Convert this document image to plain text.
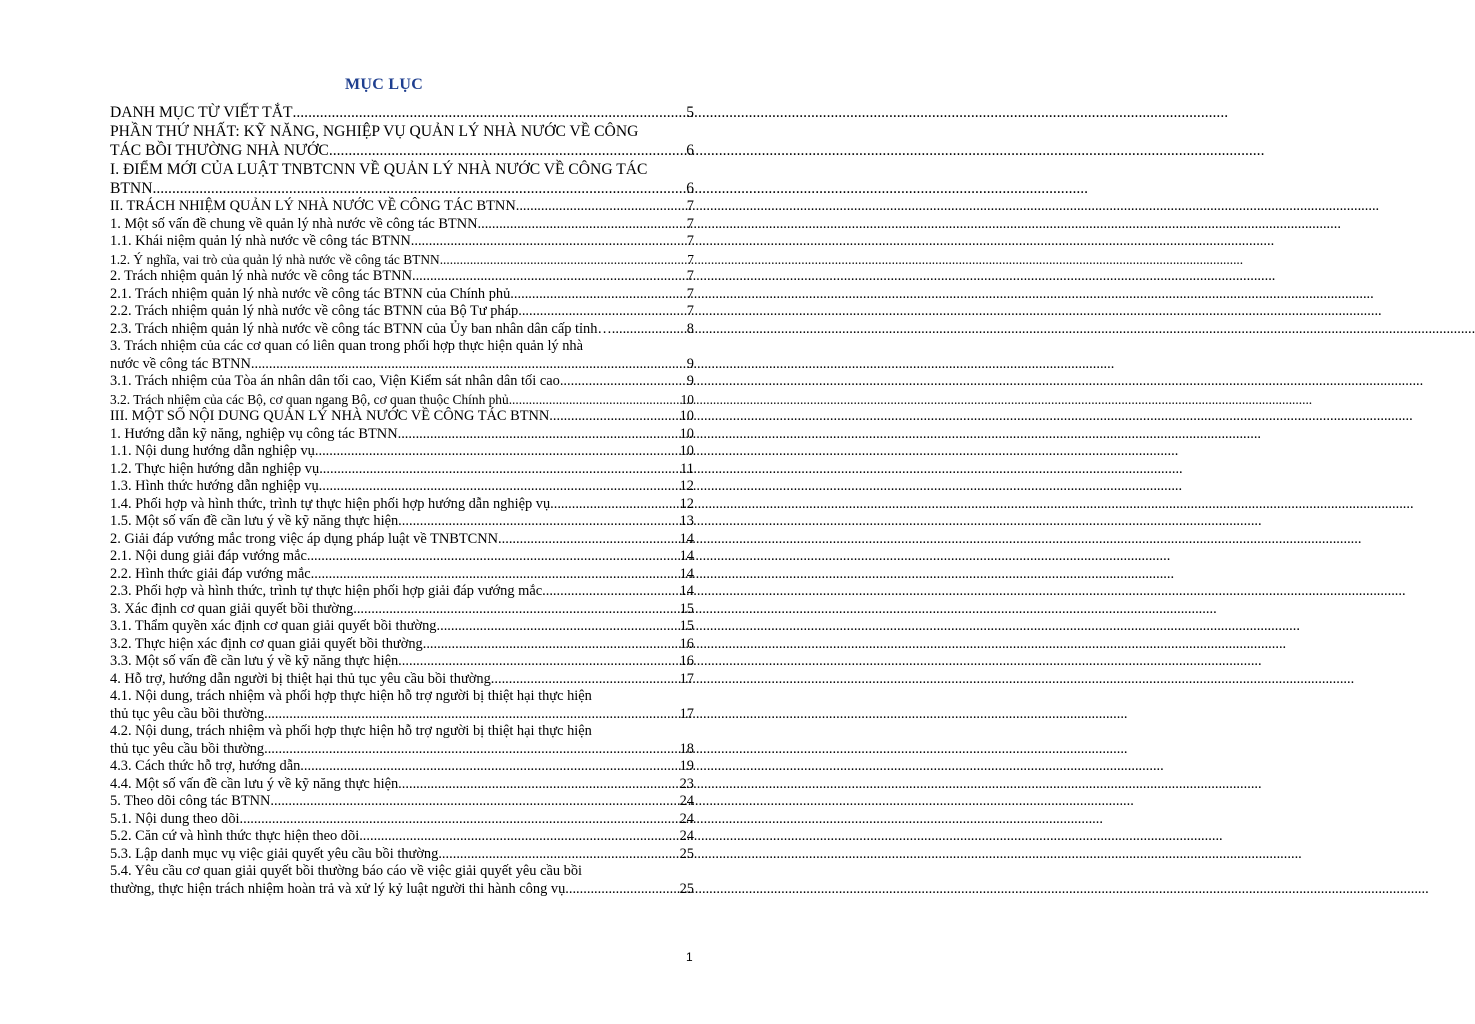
MỤC LỤC
DANH MỤC TỪ VIẾT TẮT .....	5
PHẦN THỨ NHẤT: KỸ NĂNG, NGHIỆP VỤ QUẢN LÝ NHÀ NƯỚC VỀ CÔNG
TÁC BỒI THƯỜNG NHÀ NƯỚC .....	6
I. ĐIỂM MỚI CỦA LUẬT TNBTCNN VỀ QUẢN LÝ NHÀ NƯỚC VỀ CÔNG TÁC
BTNN .....	6
II. TRÁCH NHIỆM QUẢN LÝ NHÀ NƯỚC VỀ CÔNG TÁC BTNN .....	7
1. Một số vấn đề chung về quản lý nhà nước về công tác BTNN .....	7
1.1. Khái niệm quản lý nhà nước về công tác BTNN .....	7
1.2. Ý nghĩa, vai trò của quản lý nhà nước về công tác BTNN .....	7
2. Trách nhiệm quản lý nhà nước về công tác BTNN .....	7
2.1. Trách nhiệm quản lý nhà nước về công tác BTNN của Chính phủ .....	7
2.2. Trách nhiệm quản lý nhà nước về công tác BTNN của Bộ Tư pháp .....	7
2.3. Trách nhiệm quản lý nhà nước về công tác BTNN của Ủy ban nhân dân cấp tỉnh… .....	8
3. Trách nhiệm của các cơ quan có liên quan trong phối hợp thực hiện quản lý nhà
nước về công tác BTNN .....	9
3.1. Trách nhiệm của Tòa án nhân dân tối cao, Viện Kiểm sát nhân dân tối cao .....	9
3.2. Trách nhiệm của các Bộ, cơ quan ngang Bộ, cơ quan thuộc Chính phủ .....	10
III. MỘT SỐ NỘI DUNG QUẢN LÝ NHÀ NƯỚC VỀ CÔNG TÁC BTNN .....	10
1. Hướng dẫn kỹ năng, nghiệp vụ công tác BTNN .....	10
1.1. Nội dung hướng dẫn nghiệp vụ .....	10
1.2. Thực hiện hướng dẫn nghiệp vụ .....	11
1.3. Hình thức hướng dẫn nghiệp vụ .....	12
1.4. Phối hợp và hình thức, trình tự thực hiện phối hợp hướng dẫn nghiệp vụ .....	12
1.5. Một số vấn đề cần lưu ý về kỹ năng thực hiện .....	13
2. Giải đáp vướng mắc trong việc áp dụng pháp luật về TNBTCNN .....	14
2.1. Nội dung giải đáp vướng mắc .....	14
2.2. Hình thức giải đáp vướng mắc .....	14
2.3. Phối hợp và hình thức, trình tự thực hiện phối hợp giải đáp vướng mắc .....	14
3. Xác định cơ quan giải quyết bồi thường .....	15
3.1. Thẩm quyền xác định cơ quan giải quyết bồi thường .....	15
3.2. Thực hiện xác định cơ quan giải quyết bồi thường .....	16
3.3. Một số vấn đề cần lưu ý về kỹ năng thực hiện .....	16
4. Hỗ trợ, hướng dẫn người bị thiệt hại thủ tục yêu cầu bồi thường .....	17
4.1. Nội dung, trách nhiệm và phối hợp thực hiện hỗ trợ người bị thiệt hại thực hiện
thủ tục yêu cầu bồi thường .....	17
4.2. Nội dung, trách nhiệm và phối hợp thực hiện hỗ trợ người bị thiệt hại thực hiện
thủ tục yêu cầu bồi thường .....	18
4.3. Cách thức hỗ trợ, hướng dẫn .....	19
4.4. Một số vấn đề cần lưu ý về kỹ năng thực hiện .....	23
5. Theo dõi công tác BTNN .....	24
5.1. Nội dung theo dõi .....	24
5.2. Căn cứ và hình thức thực hiện theo dõi .....	24
5.3. Lập danh mục vụ việc giải quyết yêu cầu bồi thường .....	25
5.4. Yêu cầu cơ quan giải quyết bồi thường báo cáo về việc giải quyết yêu cầu bồi
thường, thực hiện trách nhiệm hoàn trả và xử lý kỷ luật người thi hành công vụ .....	25
1
